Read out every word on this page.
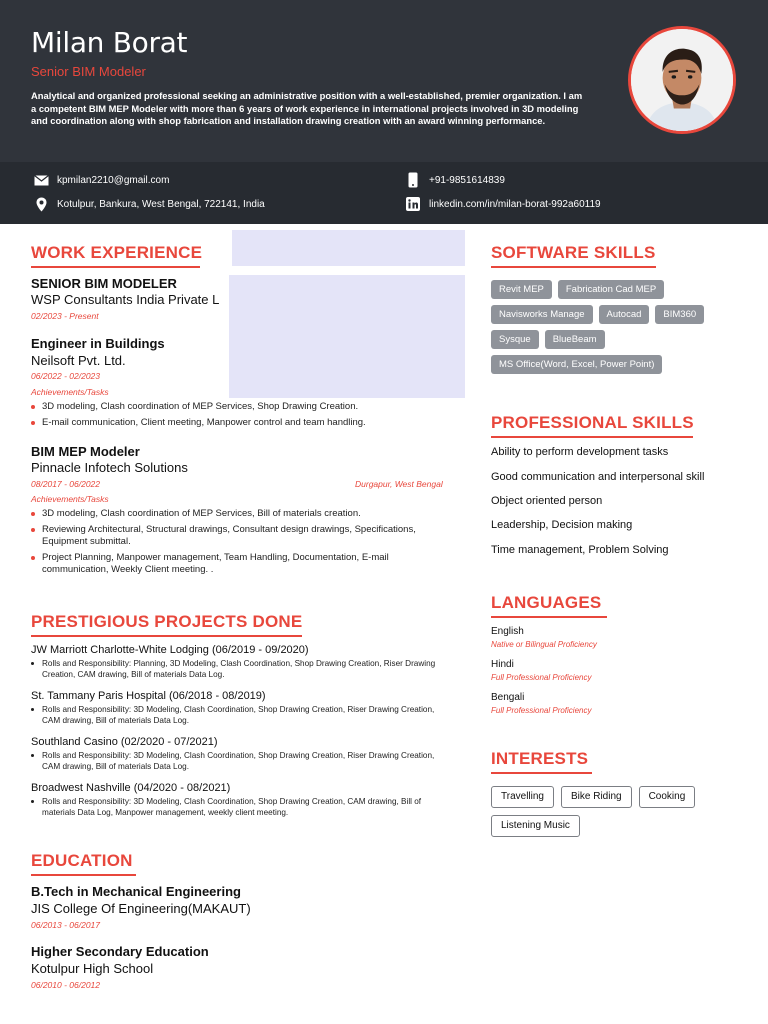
Milan Borat
Senior BIM Modeler
Analytical and organized professional seeking an administrative position with a well-established, premier organization. I am a competent BIM MEP Modeler with more than 6 years of work experience in international projects involved in 3D modeling and coordination along with shop fabrication and installation drawing creation with an award winning performance.
kpmilan2210@gmail.com	+91-9851614839
Kotulpur, Bankura, West Bengal, 722141, India	linkedin.com/in/milan-borat-992a60119
WORK EXPERIENCE
SENIOR BIM MODELER
WSP Consultants India Private L
02/2023 - Present
Engineer in Buildings
Neilsoft Pvt. Ltd.
06/2022 - 02/2023
Achievements/Tasks
3D modeling, Clash coordination of MEP Services, Shop Drawing Creation.
E-mail communication, Client meeting, Manpower control and team handling.
BIM MEP Modeler
Pinnacle Infotech Solutions
08/2017 - 06/2022	Durgapur, West Bengal
Achievements/Tasks
3D modeling, Clash coordination of MEP Services, Bill of materials creation.
Reviewing Architectural, Structural drawings, Consultant design drawings, Specifications, Equipment submittal.
Project Planning, Manpower management, Team Handling, Documentation, E-mail communication, Weekly Client meeting. .
PRESTIGIOUS PROJECTS DONE
JW Marriott Charlotte-White Lodging (06/2019 - 09/2020)
Rolls and Responsibility: Planning, 3D Modeling, Clash Coordination, Shop Drawing Creation, Riser Drawing Creation, CAM drawing, Bill of materials Data Log.
St. Tammany Paris Hospital (06/2018 - 08/2019)
Rolls and Responsibility: 3D Modeling, Clash Coordination, Shop Drawing Creation, Riser Drawing Creation, CAM drawing, Bill of materials Data Log.
Southland Casino (02/2020 - 07/2021)
Rolls and Responsibility: 3D Modeling, Clash Coordination, Shop Drawing Creation, Riser Drawing Creation, CAM drawing, Bill of materials Data Log.
Broadwest Nashville (04/2020 - 08/2021)
Rolls and Responsibility: 3D Modeling, Clash Coordination, Shop Drawing Creation, CAM drawing, Bill of materials Data Log, Manpower management, weekly client meeting.
EDUCATION
B.Tech in Mechanical Engineering
JIS College Of Engineering(MAKAUT)
06/2013 - 06/2017
Higher Secondary Education
Kotulpur High School
06/2010 - 06/2012
SOFTWARE SKILLS
Revit MEP	Fabrication Cad MEP
Navisworks Manage	Autocad	BIM360
Sysque	BlueBeam
MS Office(Word, Excel, Power Point)
PROFESSIONAL SKILLS
Ability to perform development tasks
Good communication and interpersonal skill
Object oriented person
Leadership, Decision making
Time management, Problem Solving
LANGUAGES
English
Native or Bilingual Proficiency
Hindi
Full Professional Proficiency
Bengali
Full Professional Proficiency
INTERESTS
Travelling	Bike Riding	Cooking
Listening Music
